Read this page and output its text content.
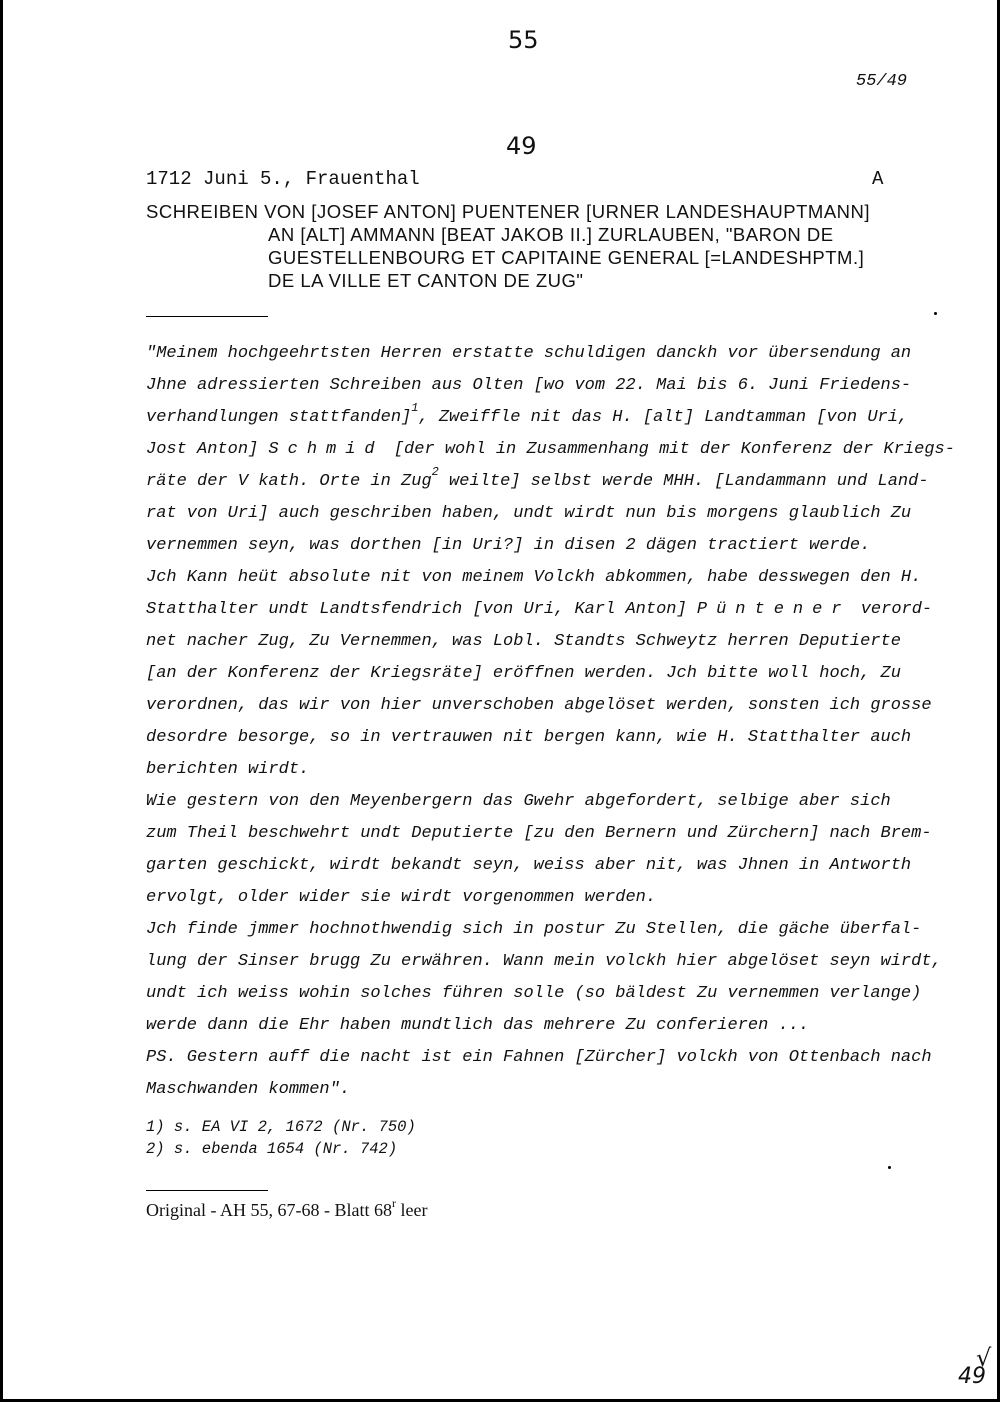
55
55/49
49
1712 Juni 5., Frauenthal	A
SCHREIBEN VON [JOSEF ANTON] PUENTENER [URNER LANDESHAUPTMANN]
AN [ALT] AMMANN [BEAT JAKOB II.] ZURLAUBEN, "BARON DE
GUESTELLENBOURG ET CAPITAINE GENERAL [=LANDESHPTM.]
DE LA VILLE ET CANTON DE ZUG"
"Meinem hochgeehrtsten Herren erstatte schuldigen danckh vor übersendung an
Jhne adressierten Schreiben aus Olten [wo vom 22. Mai bis 6. Juni Friedens-
verhandlungen stattfanden]$^1$, Zweiffle nit das H. [alt] Landtamman [von Uri,
Jost Anton] Schmid [der wohl in Zusammenhang mit der Konferenz der Kriegs-
räte der V kath. Orte in Zug$^2$ weilte] selbst werde MHH. [Landammann und Land-
rat von Uri] auch geschriben haben, undt wirdt nun bis morgens glaublich Zu
vernemmen seyn, was dorthen [in Uri?] in disen 2 dägen tractiert werde.
Jch Kann heüt absolute nit von meinem Volckh abkommen, habe desswegen den H.
Statthalter undt Landtsfendrich [von Uri, Karl Anton] Püntener verord-
net nacher Zug, Zu Vernemmen, was Lobl. Standts Schweytz herren Deputierte
[an der Konferenz der Kriegsräte] eröffnen werden. Jch bitte woll hoch, Zu
verordnen, das wir von hier unverschoben abgelöset werden, sonsten ich grosse
desordre besorge, so in vertrauwen nit bergen kann, wie H. Statthalter auch
berichten wirdt.
Wie gestern von den Meyenbergern das Gwehr abgefordert, selbige aber sich
zum Theil beschwehrt undt Deputierte [zu den Bernern und Zürchern] nach Brem-
garten geschickt, wirdt bekandt seyn, weiss aber nit, was Jhnen in Antworth
ervolgt, older wider sie wirdt vorgenommen werden.
Jch finde jmmer hochnothwendig sich in postur Zu Stellen, die gäche überfal-
lung der Sinser brugg Zu erwähren. Wann mein volckh hier abgelöset seyn wirdt,
undt ich weiss wohin solches führen solle (so bäldest Zu vernemmen verlange)
werde dann die Ehr haben mundtlich das mehrere Zu conferieren ...
PS. Gestern auff die nacht ist ein Fahnen [Zürcher] volckh von Ottenbach nach
Maschwanden kommen".
1) s. EA VI 2, 1672 (Nr. 750)
2) s. ebenda 1654 (Nr. 742)
Original - AH 55, 67-68 - Blatt 68$^r$ leer
√
49
